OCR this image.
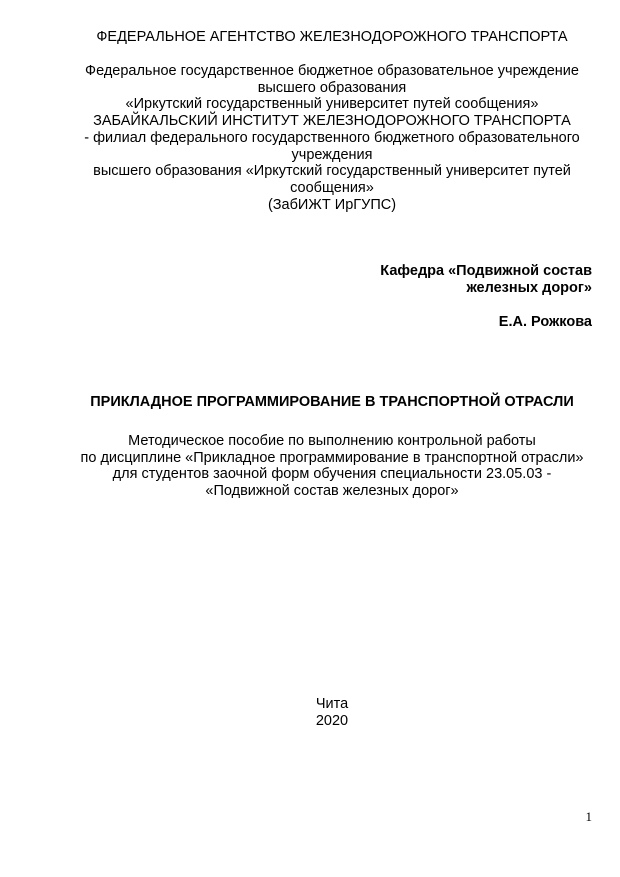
ФЕДЕРАЛЬНОЕ АГЕНТСТВО ЖЕЛЕЗНОДОРОЖНОГО ТРАНСПОРТА
Федеральное государственное бюджетное образовательное учреждение
высшего образования
«Иркутский государственный университет путей сообщения»
ЗАБАЙКАЛЬСКИЙ ИНСТИТУТ ЖЕЛЕЗНОДОРОЖНОГО ТРАНСПОРТА
- филиал федерального государственного бюджетного образовательного
учреждения
высшего образования «Иркутский государственный университет путей
сообщения»
(ЗабИЖТ ИрГУПС)
Кафедра «Подвижной состав
железных дорог»
Е.А. Рожкова
ПРИКЛАДНОЕ ПРОГРАММИРОВАНИЕ В ТРАНСПОРТНОЙ ОТРАСЛИ
Методическое пособие по выполнению контрольной работы
по дисциплине «Прикладное программирование в транспортной отрасли»
для студентов заочной форм обучения специальности 23.05.03 -
«Подвижной состав железных дорог»
Чита
2020
1
